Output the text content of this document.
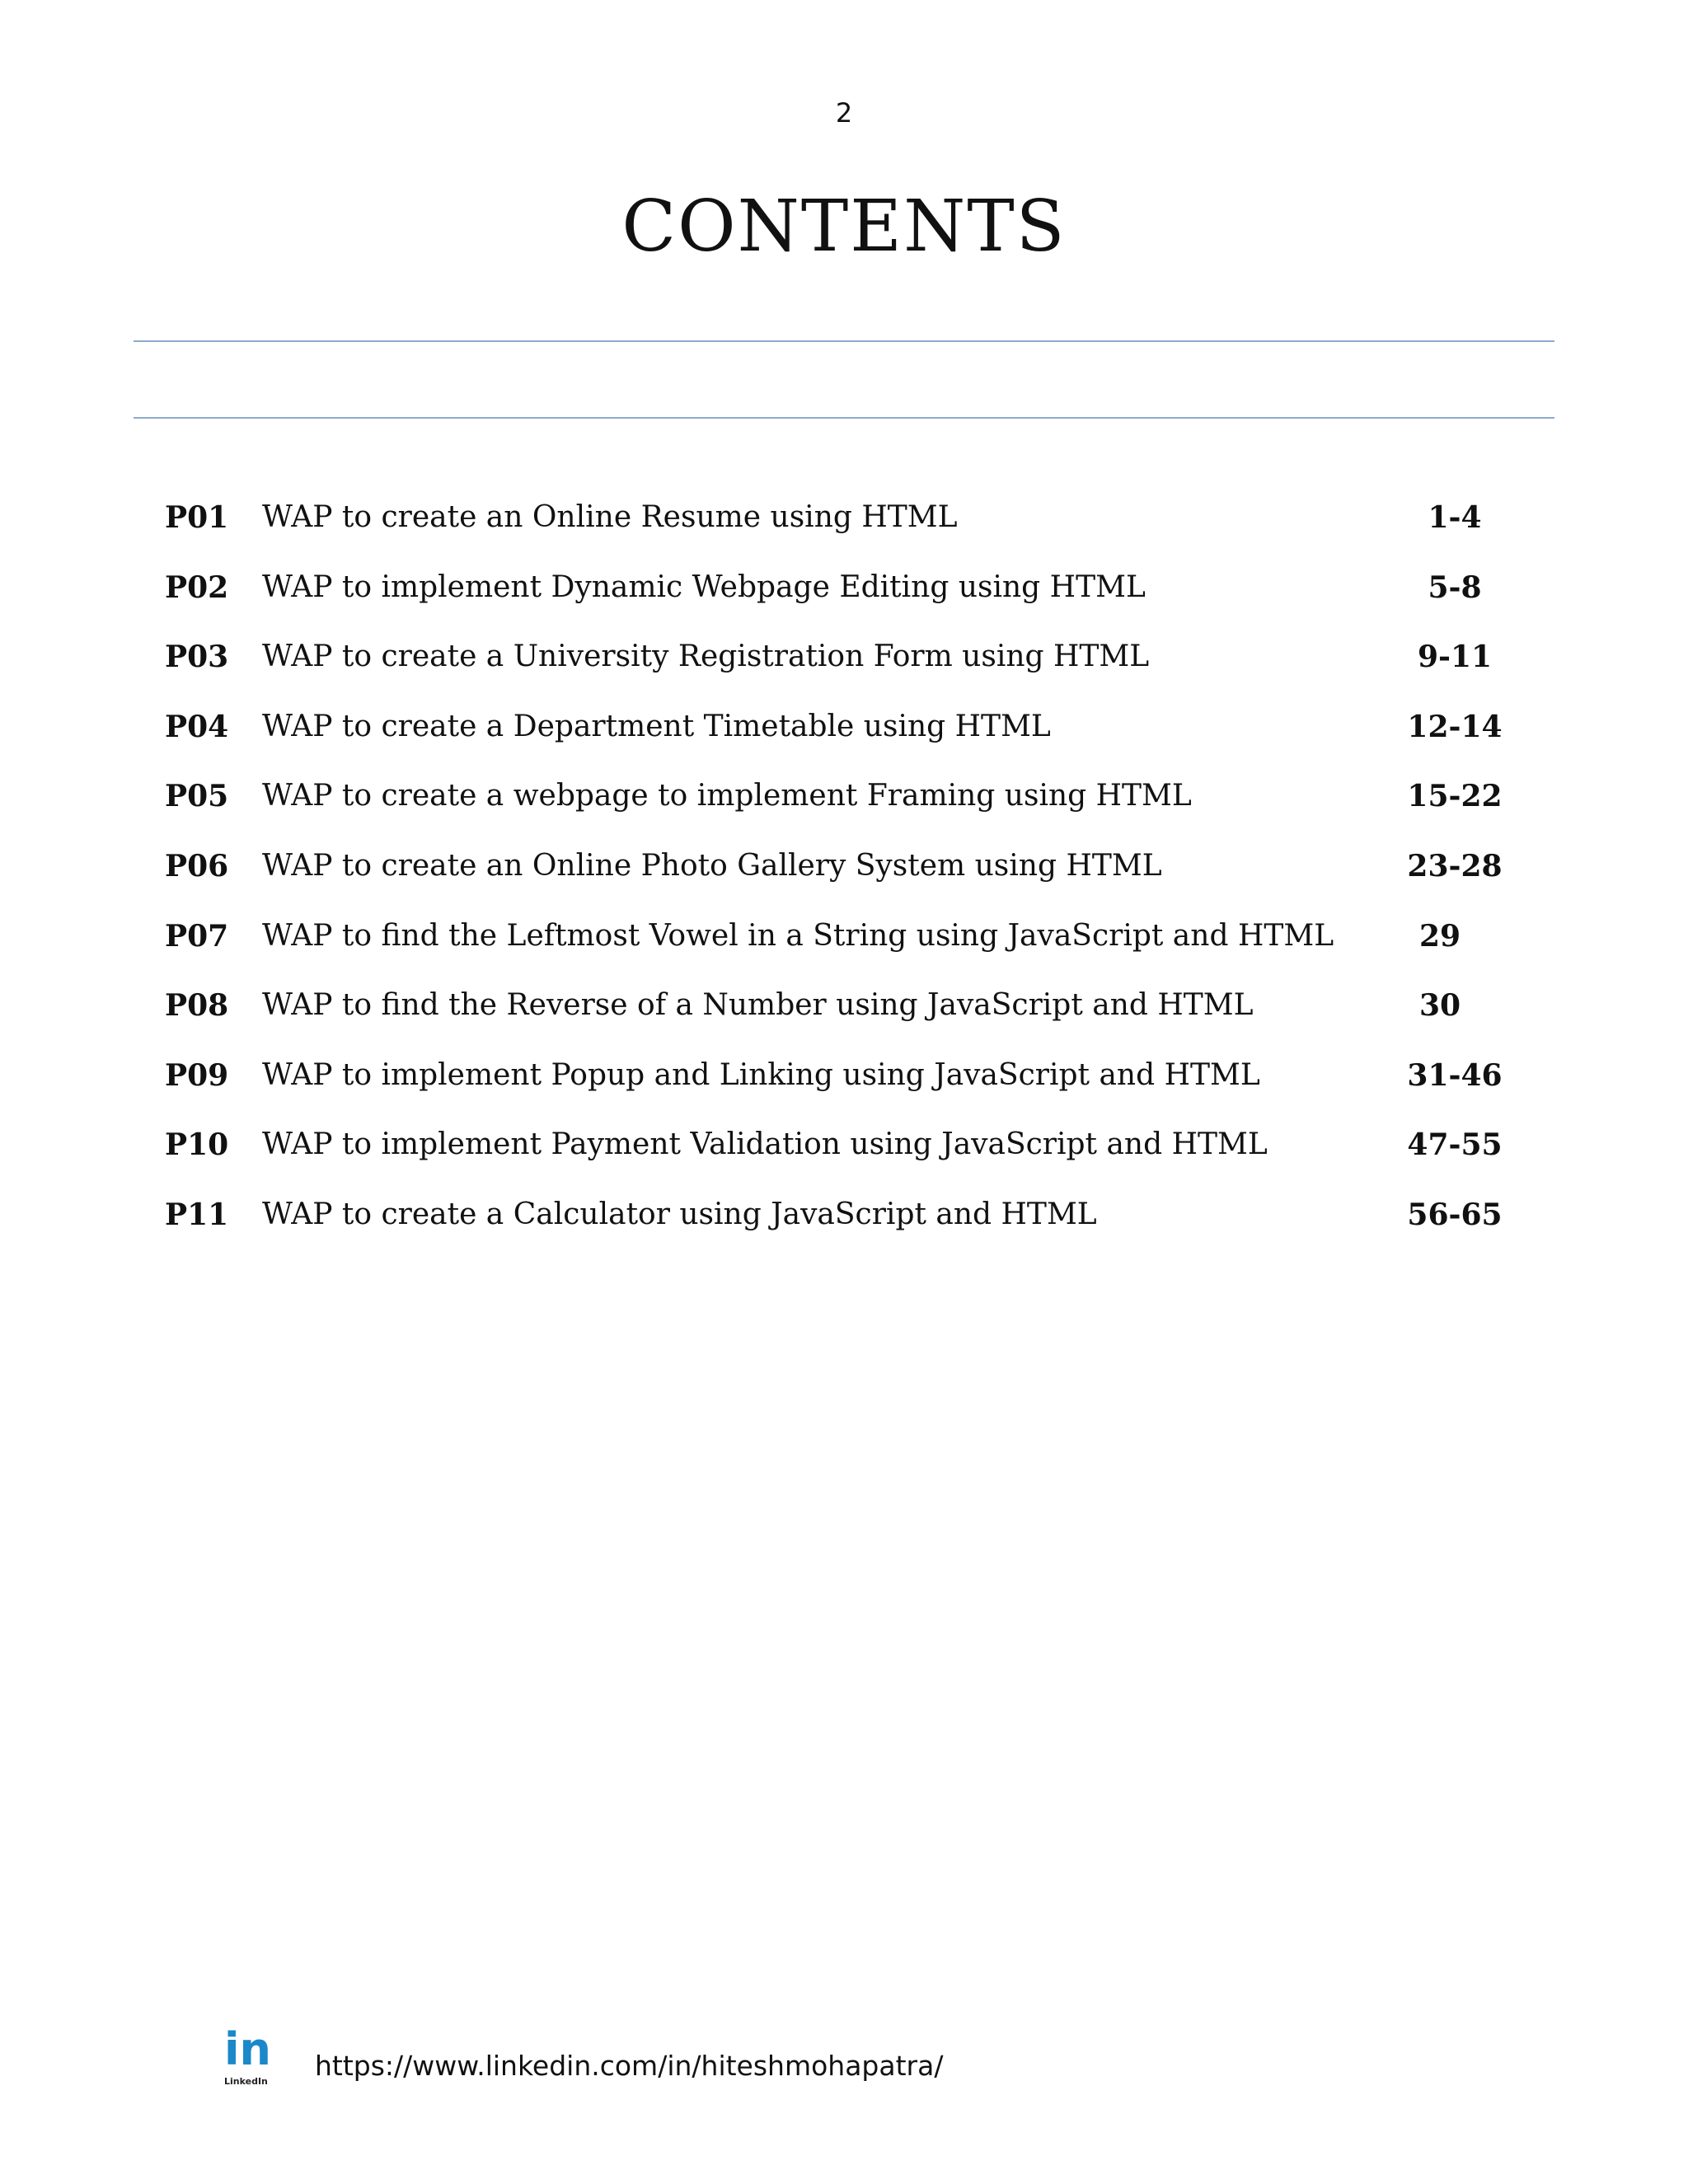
2
CONTENTS
P01 WAP to create an Online Resume using HTML	1-4
P02 WAP to implement Dynamic Webpage Editing using HTML	5-8
P03 WAP to create a University Registration Form using HTML	9-11
P04 WAP to create a Department Timetable using HTML	12-14
P05 WAP to create a webpage to implement Framing using HTML	15-22
P06 WAP to create an Online Photo Gallery System using HTML	23-28
P07 WAP to find the Leftmost Vowel in a String using JavaScript and HTML	29
P08 WAP to find the Reverse of a Number using JavaScript and HTML	30
P09 WAP to implement Popup and Linking using JavaScript and HTML	31-46
P10 WAP to implement Payment Validation using JavaScript and HTML	47-55
P11 WAP to create a Calculator using JavaScript and HTML	56-65
in
LinkedIn https://www.linkedin.com/in/hiteshmohapatra/
